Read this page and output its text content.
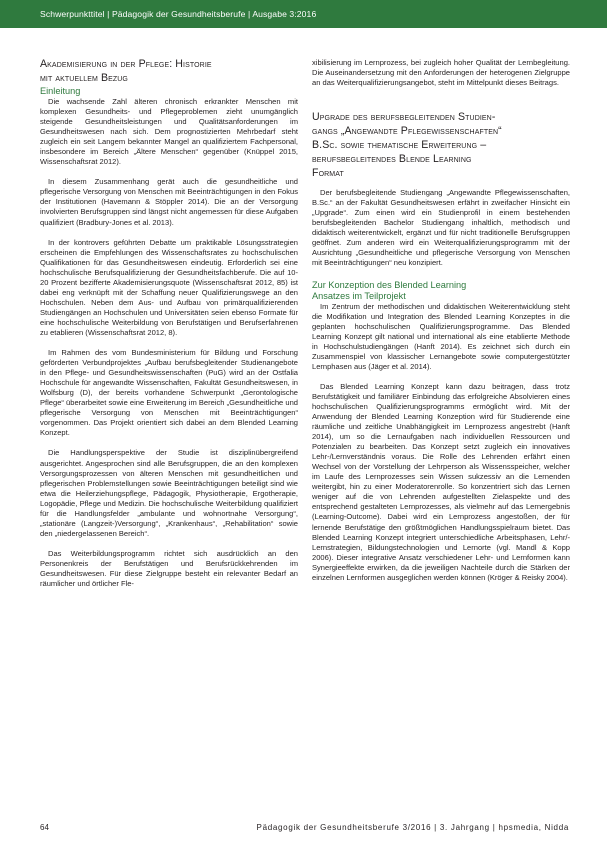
Schwerpunkttitel | Pädagogik der Gesundheitsberufe | Ausgabe 3:2016
Akademisierung in der Pflege: Historie
mit aktuellem Bezug
Einleitung

Die wachsende Zahl älteren chronisch erkrankter Menschen mit komplexen Gesundheits- und Pflegeproblemen zieht unumgänglich steigende Gesundheitsleistungen und Qualitätsanforderungen im Gesundheitswesen nach sich. Dem prognostizierten Mehrbedarf steht zugleich ein seit Langem bekannter Mangel an qualifiziertem Fachpersonal, insbesondere im Bereich „Ältere Menschen“ gegenüber (Knüppel 2015, Wissenschaftsrat 2012).

In diesem Zusammenhang gerät auch die gesundheitliche und pflegerische Versorgung von Menschen mit Beeinträchtigungen in den Fokus der Institutionen (Havemann & Stöppler 2014). Die an der Versorgung involvierten Berufsgruppen sind längst nicht angemessen für diese Aufgaben qualifiziert (Bradbury-Jones et al. 2013).

In der kontrovers geführten Debatte um praktikable Lösungsstrategien erscheinen die Empfehlungen des Wissenschaftsrates zu hochschulischen Qualifikationen für das Gesundheitswesen eindeutig. Erforderlich sei eine hochschulische Berufsqualifizierung der Gesundheitsfachberufe. Die auf 10-20 Prozent bezifferte Akademisierungsquote (Wissenschaftsrat 2012, 85) ist dabei eng verknüpft mit der Schaffung neuer Qualifizierungswege an den Hochschulen. Neben dem Aus- und Aufbau von primärqualifizierenden Studiengängen an Hochschulen und Universitäten seien ebenso Formate für eine hochschulische Weiterbildung von Berufstätigen und Berufserfahrenen zu etablieren (Wissenschaftsrat 2012, 8).

Im Rahmen des vom Bundesministerium für Bildung und Forschung geförderten Verbundprojektes „Aufbau berufsbegleitender Studienangebote in den Pflege- und Gesundheitswissenschaften (PuG) wird an der Ostfalia Hochschule für angewandte Wissenschaften, Fakultät Gesundheitswesen, in Wolfsburg (D), der bereits vorhandene Schwerpunkt „Gerontologische Pflege“ überarbeitet sowie eine Erweiterung im Bereich „Gesundheitliche und pflegerische Versorgung von Menschen mit Beeinträchtigungen“ vorgenommen. Das Projekt orientiert sich dabei an dem Blended Learning Konzept.

Die Handlungsperspektive der Studie ist disziplinübergreifend ausgerichtet. Angesprochen sind alle Berufsgruppen, die an den komplexen Versorgungsprozessen von älteren Menschen mit gesundheitlichen und pflegerischen Problemstellungen sowie Beeinträchtigungen beteiligt sind wie etwa die Heilerziehungspflege, Pädagogik, Physiotherapie, Ergotherapie, Logopädie, Pflege und Medizin. Die hochschulische Weiterbildung qualifiziert für die Handlungsfelder „ambulante und wohnortnahe Versorgung“, „stationäre (Langzeit-)Versorgung“, „Krankenhaus“, „Rehabilitation“ sowie den „niedergelassenen Bereich“.

Das Weiterbildungsprogramm richtet sich ausdrücklich an den Personenkreis der Berufstätigen und Berufsrückkehrenden im Gesundheitswesen. Für diese Zielgruppe besteht ein relevanter Bedarf an räumlicher und örtlicher Fle-

xibilisierung im Lernprozess, bei zugleich hoher Qualität der Lernbegleitung. Die Auseinandersetzung mit den Anforderungen der heterogenen Zielgruppe an das Weiterqualifizierungsangebot, steht im Mittelpunkt dieses Beitrags.

Upgrade des berufsbegleitenden Studien-
gangs „Angewandte Pflegewissenschaften“
B.Sc. sowie thematische Erweiterung –
berufsbegleitendes Blende Learning
Format

Der berufsbegleitende Studiengang „Angewandte Pflegewissenschaften, B.Sc.“ an der Fakultät Gesundheitswesen erfährt in zweifacher Hinsicht ein „Upgrade“. Zum einen wird ein Studienprofil in einem bestehenden berufsbegleitenden Bachelor Studiengang inhaltlich, methodisch und didaktisch weiterentwickelt, ergänzt und für nicht traditionelle Berufsgruppen geöffnet. Zum anderen wird ein Weiterqualifizierungsprogramm mit der Ausrichtung „Gesundheitliche und pflegerische Versorgung von Menschen mit Beeinträchtigungen“ neu konzipiert.

Zur Konzeption des Blended Learning
Ansatzes im Teilprojekt

Im Zentrum der methodischen und didaktischen Weiterentwicklung steht die Modifikation und Integration des Blended Learning Konzeptes in die geplanten hochschulischen Qualifizierungsprogramme. Das Blended Learning Konzept gilt national und international als eine etablierte Methode in Hochschulstudiengängen (Hanft 2014). Es zeichnet sich durch ein Zusammenspiel von klassischer Lernangebote sowie computergestützter Lernphasen aus (Jäger et al. 2014).

Das Blended Learning Konzept kann dazu beitragen, dass trotz Berufstätigkeit und familiärer Einbindung das erfolgreiche Absolvieren eines hochschulischen Qualifizierungsprogramms ermöglicht wird. Mit der Anwendung der Blended Learning Konzeption wird für Studierende eine räumliche und zeitliche Unabhängigkeit im Lernprozess angestrebt (Hanft 2014), um so die Lernaufgaben nach individuellen Ressourcen und Potenzialen zu bearbeiten. Das Konzept setzt zugleich ein innovatives Lehr-/Lernverständnis voraus. Die Rolle des Lehrenden erfährt einen Wechsel von der Vorstellung der Lehrperson als Wissensspeicher, welcher im Laufe des Lernprozesses sein Wissen sukzessiv an die Lernenden weitergibt, hin zu einer Moderatorenrolle. So konzentriert sich das Lernen weniger auf die von Lehrenden aufgestellten Zielaspekte und des entsprechend gestalteten Lernprozesses, als vielmehr auf das Lernergebnis (Learning-Outcome). Dabei wird ein Lernprozess angestoßen, der für lernende Berufstätige den größtmöglichen Handlungsspielraum bietet. Das Blended Learning Konzept integriert unterschiedliche Arbeitsphasen, Lehr/-Lernstrategien, Bildungstechnologien und Lernorte (vgl. Mandl & Kopp 2006). Dieser integrative Ansatz verschiedener Lehr- und Lernformen kann Synergieeffekte erwirken, da die jeweiligen Nachteile durch die Stärken der einzelnen Lernformen ausgeglichen werden können (Kröger & Reisky 2004).

64	Pädagogik der Gesundheitsberufe 3/2016 | 3. Jahrgang | hpsmedia, Nidda
